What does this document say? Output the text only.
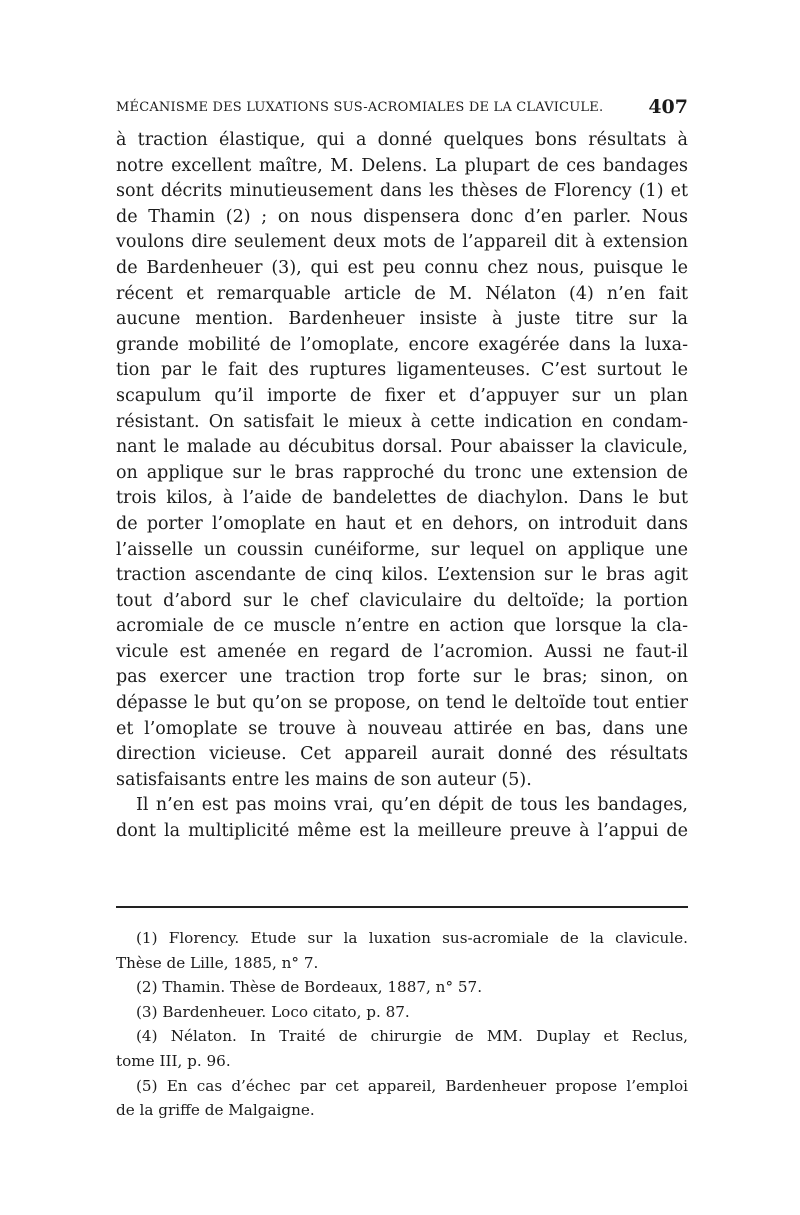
MÉCANISME DES LUXATIONS SUS-ACROMIALES DE LA CLAVICULE. 407
à traction élastique, qui a donné quelques bons résultats à
notre excellent maître, M. Delens. La plupart de ces bandages
sont décrits minutieusement dans les thèses de Florency (1) et
de Thamin (2) ; on nous dispensera donc d’en parler. Nous
voulons dire seulement deux mots de l’appareil dit à extension
de Bardenheuer (3), qui est peu connu chez nous, puisque le
récent et remarquable article de M. Nélaton (4) n’en fait
aucune mention. Bardenheuer insiste à juste titre sur la
grande mobilité de l’omoplate, encore exagérée dans la luxa-
tion par le fait des ruptures ligamenteuses. C’est surtout le
scapulum qu’il importe de fixer et d’appuyer sur un plan
résistant. On satisfait le mieux à cette indication en condam-
nant le malade au décubitus dorsal. Pour abaisser la clavicule,
on applique sur le bras rapproché du tronc une extension de
trois kilos, à l’aide de bandelettes de diachylon. Dans le but
de porter l’omoplate en haut et en dehors, on introduit dans
l’aisselle un coussin cunéiforme, sur lequel on applique une
traction ascendante de cinq kilos. L’extension sur le bras agit
tout d’abord sur le chef claviculaire du deltoïde; la portion
acromiale de ce muscle n’entre en action que lorsque la cla-
vicule est amenée en regard de l’acromion. Aussi ne faut-il
pas exercer une traction trop forte sur le bras; sinon, on
dépasse le but qu’on se propose, on tend le deltoïde tout entier
et l’omoplate se trouve à nouveau attirée en bas, dans une
direction vicieuse. Cet appareil aurait donné des résultats
satisfaisants entre les mains de son auteur (5).
Il n’en est pas moins vrai, qu’en dépit de tous les bandages,
dont la multiplicité même est la meilleure preuve à l’appui de
(1) Florency. Etude sur la luxation sus-acromiale de la clavicule.
Thèse de Lille, 1885, n° 7.
(2) Thamin. Thèse de Bordeaux, 1887, n° 57.
(3) Bardenheuer. Loco citato, p. 87.
(4) Nélaton. In Traité de chirurgie de MM. Duplay et Reclus,
tome III, p. 96.
(5) En cas d’échec par cet appareil, Bardenheuer propose l’emploi
de la griffe de Malgaigne.
